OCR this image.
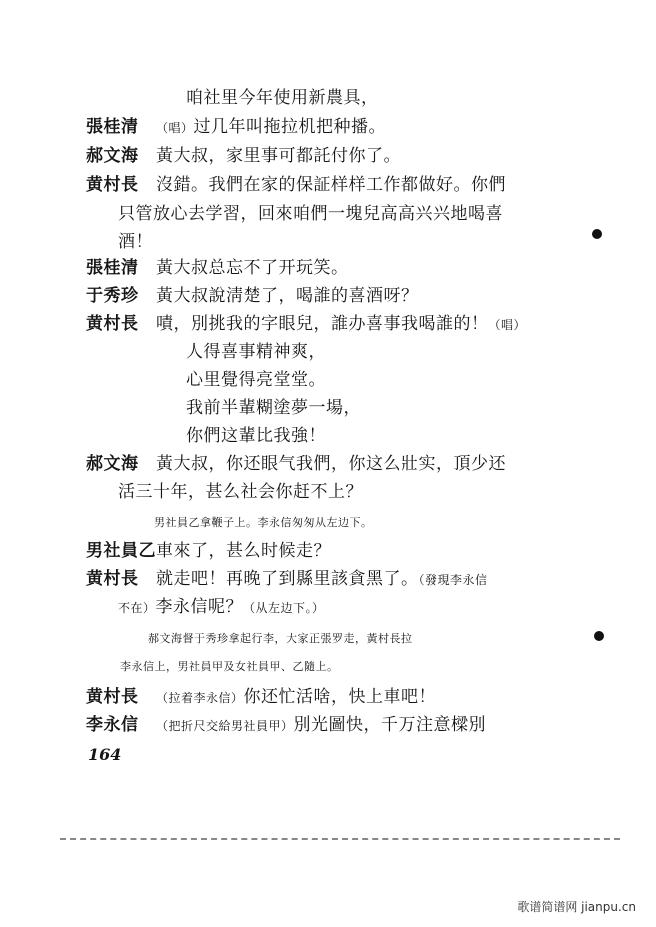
咱社里今年使用新農具，
張桂清 （唱）过几年叫拖拉机把种播。
郝文海 黃大叔，家里事可都託付你了。
黄村長 沒錯。我們在家的保証样样工作都做好。你們
只管放心去学習，回來咱們一塊兒高高兴兴地喝喜
酒！
張桂清 黃大叔总忘不了开玩笑。
于秀珍 黃大叔說淸楚了，喝誰的喜酒呀？
黄村長 嘖，別挑我的字眼兒，誰办喜事我喝誰的！（唱）
人得喜事精神爽，
心里覺得亮堂堂。
我前半輩糊塗夢一場，
你們这輩比我強！
郝文海 黃大叔，你还眼气我們，你这么壯实，頂少还
活三十年，甚么社会你赶不上？
男社員乙拿鞭子上。李永信匆匆从左边下。
男社員乙車來了，甚么时候走？
黄村長 就走吧！再晚了到縣里該貪黑了。（發現李永信
不在）李永信呢？（从左边下。）
郝文海督于秀珍拿起行李，大家正張罗走，黃村長拉
李永信上，男社員甲及女社員甲、乙隨上。
黄村長 （拉着李永信）你还忙活啥，快上車吧！
李永信 （把折尺交給男社員甲）別光圖快，千万注意樑別
164
歌谱简谱网 jianpu.cn
